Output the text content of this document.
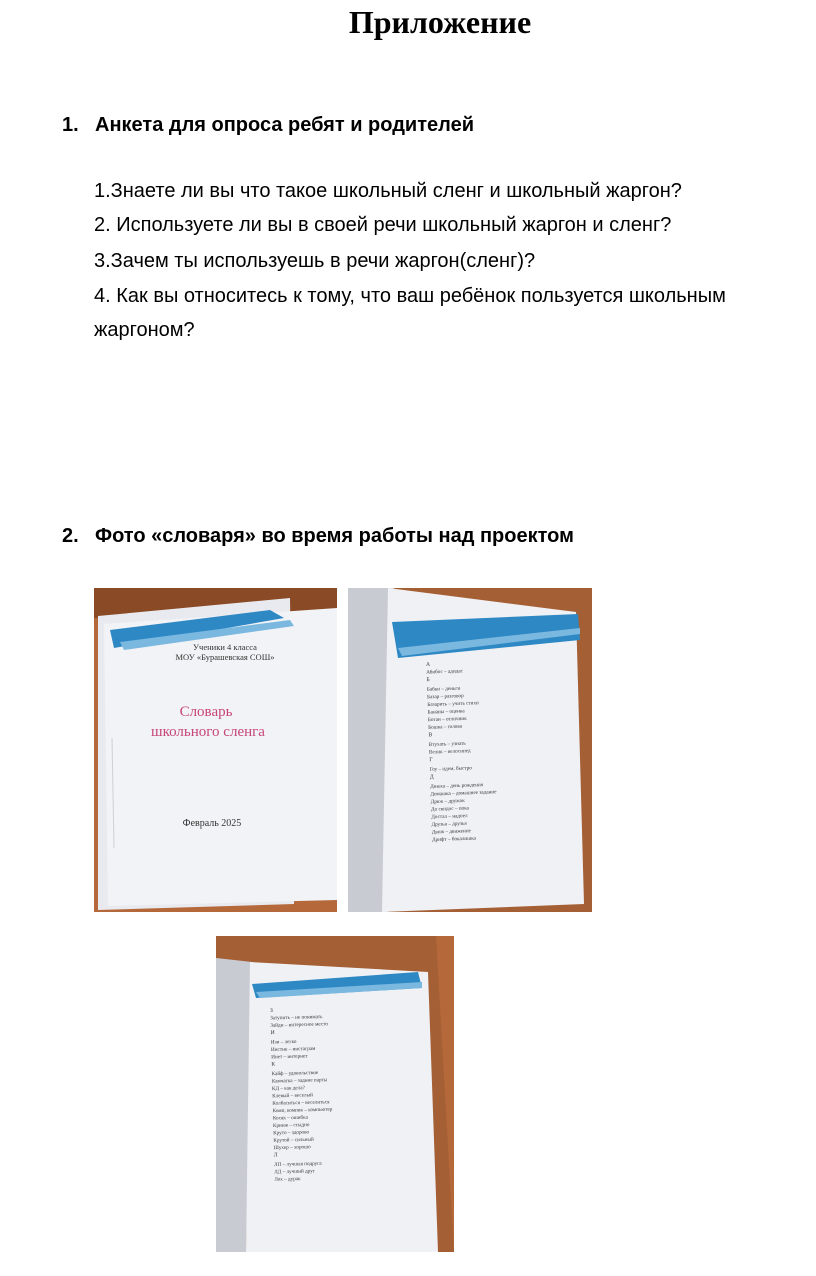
Приложение

1. Анкета для опроса ребят и родителей

1.Знаете ли вы что такое школьный сленг и школьный жаргон?

2. Используете ли вы в своей речи школьный жаргон и сленг?

3.Зачем ты используешь в речи жаргон(сленг)?

4. Как вы относитесь к тому, что ваш ребёнок пользуется школьным

жаргоном?

2. Фото «словаря» во время работы над проектом

Ученики 4 класса
МОУ «Бурашевская СОШ»
Словарь
школьного сленга
Февраль 2025
А
Абибос – адидас
Б
Бабки – деньги
Базар – разговор
Базарить – учить стихи
Бананы – оценка
Ботан – отличник
Бошка – голова
В
Втухать – узнать
Велик – велосипед
Г
Гоу – идем, быстро
Д
Днюха – день рождения
Домашка – домашнее задание
Дрюк – дружок
До свидос – пока
Достал – надоел
Друзья – друзья
Движ – движение
Дрифт – бокалишка
З
Затупить – не понимать
Зайди – интересное место
И
Изи – легко
Инстик – инстаграм
Инет – интернет
К
Кайф – удовольствие
Камчатка – задние парты
КД – как дела?
Клевый – веселый
Колбаситься – веселиться
Комп, компик – компьютер
Косяк – ошибка
Кринж – стыдно
Круто – здорово
Крутой – сильный
Шухер – хорошо
Л
ЛП – лучшая подруга
ЛД – лучший друг
Лох – дурак
